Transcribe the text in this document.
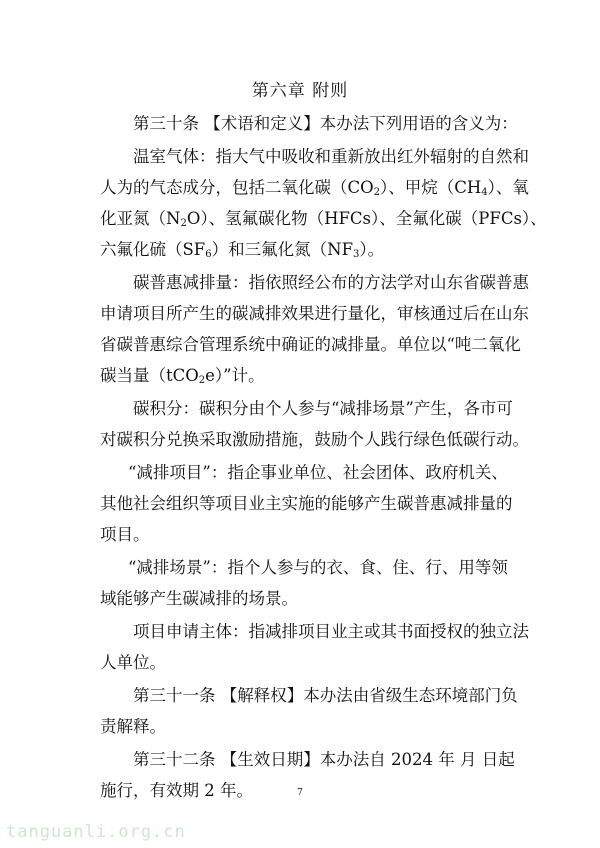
第六章 附则
第三十条 【术语和定义】本办法下列用语的含义为：
温室气体：指大气中吸收和重新放出红外辐射的自然和
人为的气态成分，包括二氧化碳$(CO_2)$、甲烷$(CH_4)$、氧
化亚氮$(N_2O)$、氢氟碳化物（HFCs）、全氟化碳（PFCs）、
六氟化硫$(SF_6)$和三氟化氮$(NF_3)$。
碳普惠减排量：指依照经公布的方法学对山东省碳普惠
申请项目所产生的碳减排效果进行量化，审核通过后在山东
省碳普惠综合管理系统中确证的减排量。单位以“吨二氧化
碳当量（tCO$_2$e）”计。
碳积分：碳积分由个人参与“减排场景”产生，各市可
对碳积分兑换采取激励措施，鼓励个人践行绿色低碳行动。
“减排项目”：指企事业单位、社会团体、政府机关、
其他社会组织等项目业主实施的能够产生碳普惠减排量的
项目。
“减排场景”：指个人参与的衣、食、住、行、用等领
域能够产生碳减排的场景。
项目申请主体：指减排项目业主或其书面授权的独立法
人单位。
第三十一条 【解释权】本办法由省级生态环境部门负
责解释。
7
tanguanli.org.cn
第三十二条 【生效日期】本办法自 2024 年 月 日起
施行，有效期 2 年。
